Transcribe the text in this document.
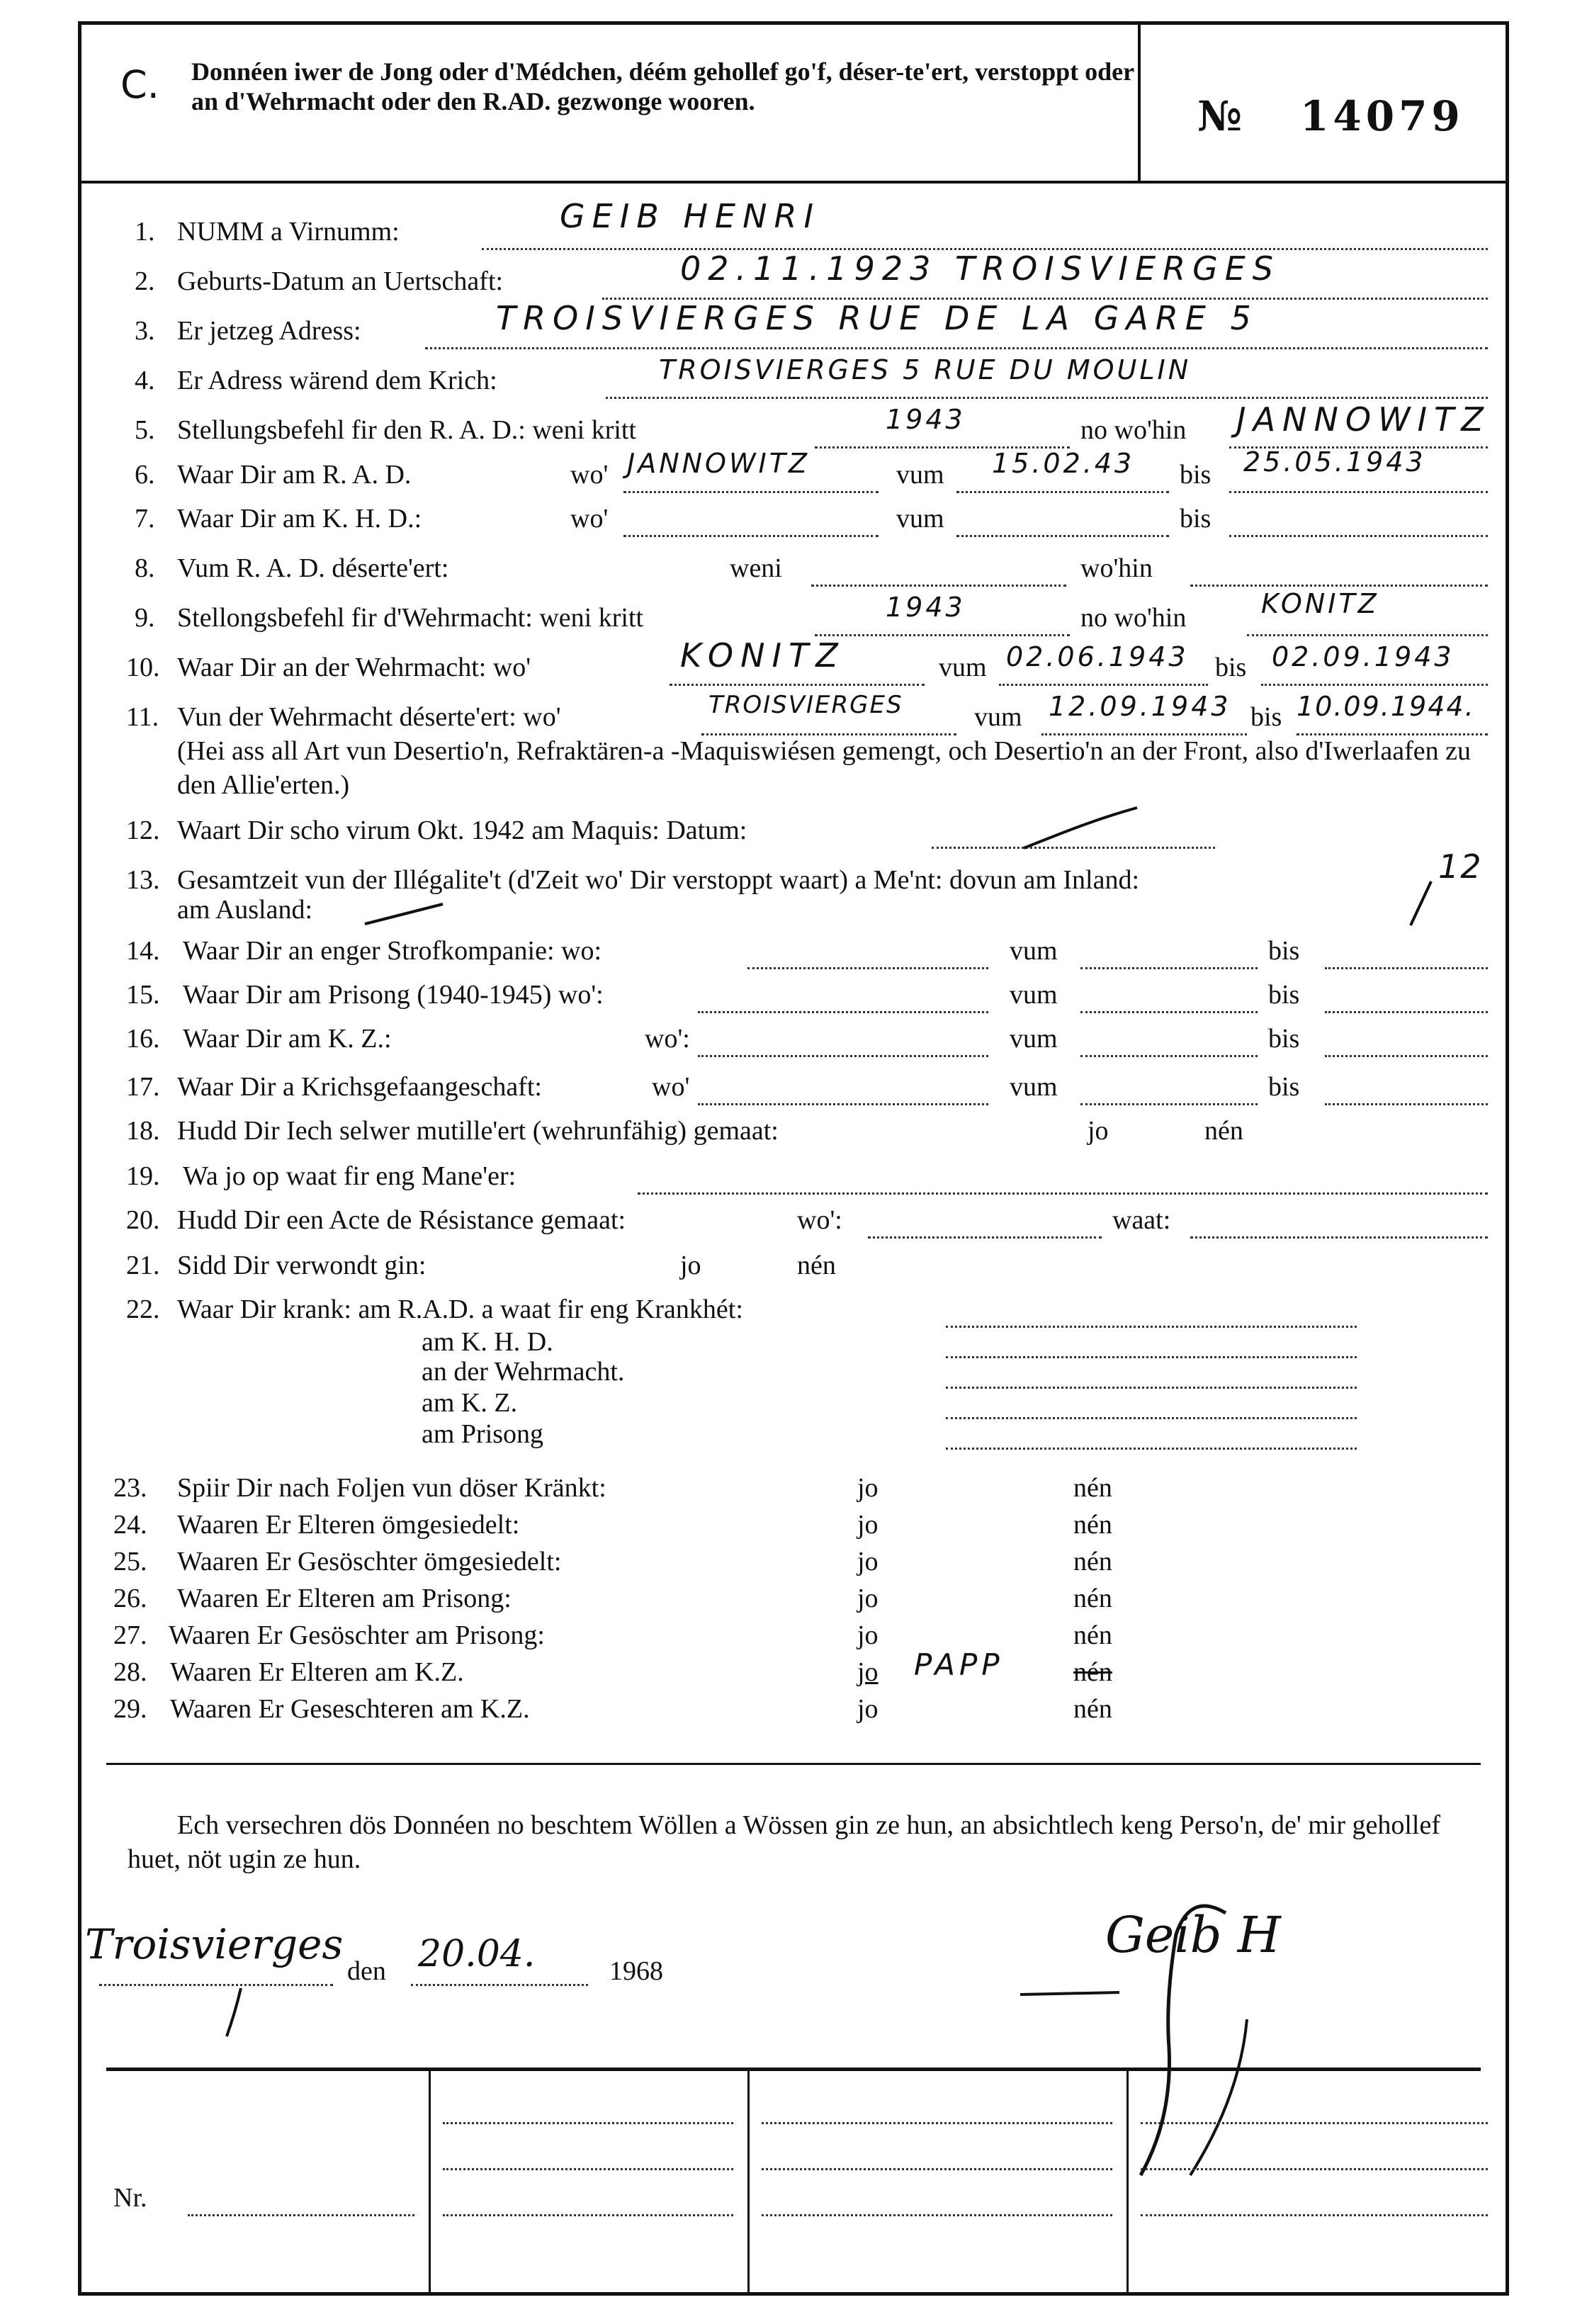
C. Donnéen iwer de Jong oder d'Médchen, déém gehollef go'f, déser-te'ert, verstoppt oder an d'Wehrmacht oder den R.AD. gezwonge wooren.	№ 14079
1. NUMM a Virnumm:	GEIB HENRI
2. Geburts-Datum an Uertschaft:	02.11.1923 TROISVIERGES
3. Er jetzeg Adress:	TROISVIERGES RUE DE LA GARE 5
4. Er Adress wärend dem Krich:	TROISVIERGES 5 RUE DU MOULIN
5. Stellungsbefehl fir den R. A. D.: weni kritt	1943	no wo'hin JANNOWITZ
6. Waar Dir am R. A. D.	wo' JANNOWITZ	vum 15.02.43 bis 25.05.1943
7. Waar Dir am K. H. D.:	wo'	vum	bis
8. Vum R. A. D. déserte'ert:	weni	wo'hin
9. Stellongsbefehl fir d'Wehrmacht: weni kritt	1943	no wo'hin	KONITZ
10. Waar Dir an der Wehrmacht: wo'	KONITZ	vum 02.06.1943 bis 02.09.1943
11. Vun der Wehrmacht déserte'ert: wo'	TROISVIERGES	vum 12.09.1943 bis 10.09.1944.
(Hei ass all Art vun Desertio'n, Refraktären-a -Maquiswiésen gemengt, och Desertio'n an der Front, also d'Iwerlaafen zu den Allie'erten.)
12. Waart Dir scho virum Okt. 1942 am Maquis: Datum:
13. Gesamtzeit vun der Illégalite't (d'Zeit wo' Dir verstoppt waart) a Me'nt: dovun am Inland:	12
am Ausland:
14. Waar Dir an enger Strofkompanie: wo:	vum	bis
15. Waar Dir am Prisong (1940-1945) wo':	vum	bis
16. Waar Dir am K. Z.:	wo':	vum	bis
17. Waar Dir a Krichsgefaangeschaft:	wo'	vum	bis
18. Hudd Dir Iech selwer mutille'ert (wehrunfähig) gemaat:	jo	nén
19. Wa jo op waat fir eng Mane'er:
20. Hudd Dir een Acte de Résistance gemaat:	wo':	waat:
21. Sidd Dir verwondt gin:	jo	nén
22. Waar Dir krank: am R.A.D. a waat fir eng Krankhét:
am K. H. D.
an der Wehrmacht.
am K. Z.
am Prisong
23. Spiir Dir nach Foljen vun döser Kränkt:	jo	nén
24. Waaren Er Elteren ömgesiedelt:	jo	nén
25. Waaren Er Gesöschter ömgesiedelt:	jo	nén
26. Waaren Er Elteren am Prisong:	jo	nén
27. Waaren Er Gesöschter am Prisong:	jo	nén
28. Waaren Er Elteren am K.Z.	jo PAPP	nén
29. Waaren Er Geseschteren am K.Z.	jo	nén
Ech versechren dös Donnéen no beschtem Wöllen a Wössen gin ze hun, an absichtlech keng Perso'n, de' mir gehollef huet, nöt ugin ze hun.
Troisvierges
den 20.04.	1968
Geib H
Nr.
